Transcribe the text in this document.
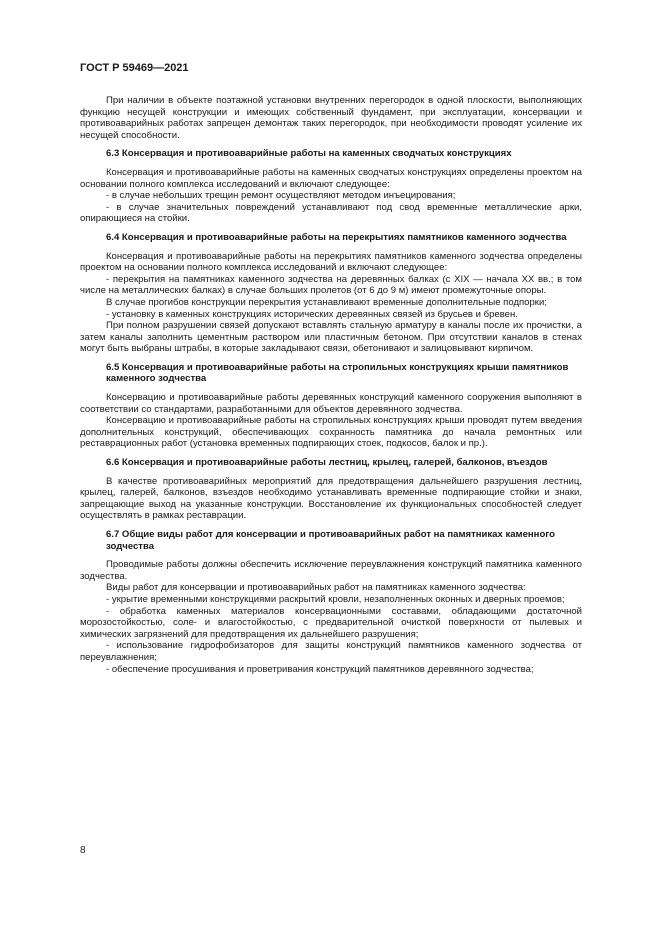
ГОСТ Р 59469—2021

При наличии в объекте поэтажной установки внутренних перегородок в одной плоскости, выполняющих функцию несущей конструкции и имеющих собственный фундамент, при эксплуатации, консервации и противоаварийных работах запрещен демонтаж таких перегородок, при необходимости проводят усиление их несущей способности.

6.3 Консервация и противоаварийные работы на каменных сводчатых конструкциях

Консервация и противоаварийные работы на каменных сводчатых конструкциях определены проектом на основании полного комплекса исследований и включают следующее:

- в случае небольших трещин ремонт осуществляют методом инъецирования;

- в случае значительных повреждений устанавливают под свод временные металлические арки, опирающиеся на стойки.

6.4 Консервация и противоаварийные работы на перекрытиях памятников каменного зодчества

Консервация и противоаварийные работы на перекрытиях памятников каменного зодчества определены проектом на основании полного комплекса исследований и включают следующее:

- перекрытия на памятниках каменного зодчества на деревянных балках (с XIX — начала XX вв.; в том числе на металлических балках) в случае больших пролетов (от 6 до 9 м) имеют промежуточные опоры.

В случае прогибов конструкции перекрытия устанавливают временные дополнительные подпорки;

- установку в каменных конструкциях исторических деревянных связей из брусьев и бревен.

При полном разрушении связей допускают вставлять стальную арматуру в каналы после их прочистки, а затем каналы заполнить цементным раствором или пластичным бетоном. При отсутствии каналов в стенах могут быть выбраны штрабы, в которые закладывают связи, обетонивают и залицовывают кирпичом.

6.5 Консервация и противоаварийные работы на стропильных конструкциях крыши памятников каменного зодчества

Консервацию и противоаварийные работы деревянных конструкций каменного сооружения выполняют в соответствии со стандартами, разработанными для объектов деревянного зодчества.

Консервацию и противоаварийные работы на стропильных конструкциях крыши проводят путем введения дополнительных конструкций, обеспечивающих сохранность памятника до начала ремонтных или реставрационных работ (установка временных подпирающих стоек, подкосов, балок и пр.).

6.6 Консервация и противоаварийные работы лестниц, крылец, галерей, балконов, въездов

В качестве противоаварийных мероприятий для предотвращения дальнейшего разрушения лестниц, крылец, галерей, балконов, взъездов необходимо устанавливать временные подпирающие стойки и знаки, запрещающие выход на указанные конструкции. Восстановление их функциональных способностей следует осуществлять в рамках реставрации.

6.7 Общие виды работ для консервации и противоаварийных работ на памятниках каменного зодчества

Проводимые работы должны обеспечить исключение переувлажнения конструкций памятника каменного зодчества.

Виды работ для консервации и противоаварийных работ на памятниках каменного зодчества:

- укрытие временными конструкциями раскрытий кровли, незаполненных оконных и дверных проемов;

- обработка каменных материалов консервационными составами, обладающими достаточной морозостойкостью, соле- и влагостойкостью, с предварительной очисткой поверхности от пылевых и химических загрязнений для предотвращения их дальнейшего разрушения;

- использование гидрофобизаторов для защиты конструкций памятников каменного зодчества от переувлажнения;

- обеспечение просушивания и проветривания конструкций памятников деревянного зодчества;

8
